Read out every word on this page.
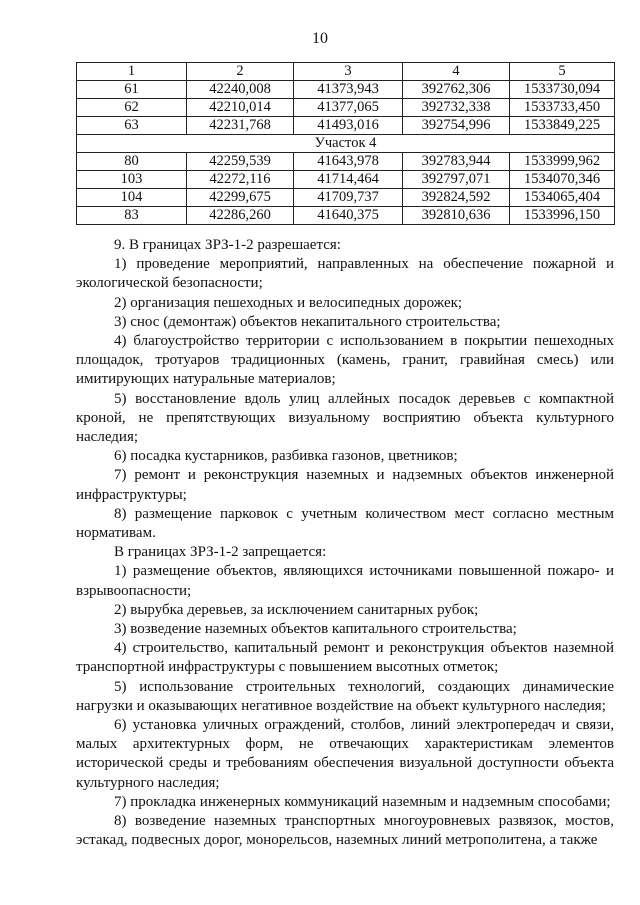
10
1	2	3	4	5
61	42240,008	41373,943	392762,306	1533730,094
62	42210,014	41377,065	392732,338	1533733,450
63	42231,768	41493,016	392754,996	1533849,225
Участок 4				
80	42259,539	41643,978	392783,944	1533999,962
103	42272,116	41714,464	392797,071	1534070,346
104	42299,675	41709,737	392824,592	1534065,404
83	42286,260	41640,375	392810,636	1533996,150

9. В границах ЗРЗ-1-2 разрешается:

1) проведение мероприятий, направленных на обеспечение пожарной и экологической безопасности;

2) организация пешеходных и велосипедных дорожек;

3) снос (демонтаж) объектов некапитального строительства;

4) благоустройство территории с использованием в покрытии пешеходных площадок, тротуаров традиционных (камень, гранит, гравийная смесь) или имитирующих натуральные материалов;

5) восстановление вдоль улиц аллейных посадок деревьев с компактной кроной, не препятствующих визуальному восприятию объекта культурного наследия;

6) посадка кустарников, разбивка газонов, цветников;

7) ремонт и реконструкция наземных и надземных объектов инженерной инфраструктуры;

8) размещение парковок с учетным количеством мест согласно местным нормативам.

В границах ЗРЗ-1-2 запрещается:

1) размещение объектов, являющихся источниками повышенной пожаро- и взрывоопасности;

2) вырубка деревьев, за исключением санитарных рубок;

3) возведение наземных объектов капитального строительства;

4) строительство, капитальный ремонт и реконструкция объектов наземной транспортной инфраструктуры с повышением высотных отметок;

5) использование строительных технологий, создающих динамические нагрузки и оказывающих негативное воздействие на объект культурного наследия;

6) установка уличных ограждений, столбов, линий электропередач и связи, малых архитектурных форм, не отвечающих характеристикам элементов исторической среды и требованиям обеспечения визуальной доступности объекта культурного наследия;

7) прокладка инженерных коммуникаций наземным и надземным способами;

8) возведение наземных транспортных многоуровневых развязок, мостов, эстакад, подвесных дорог, монорельсов, наземных линий метрополитена, а также
